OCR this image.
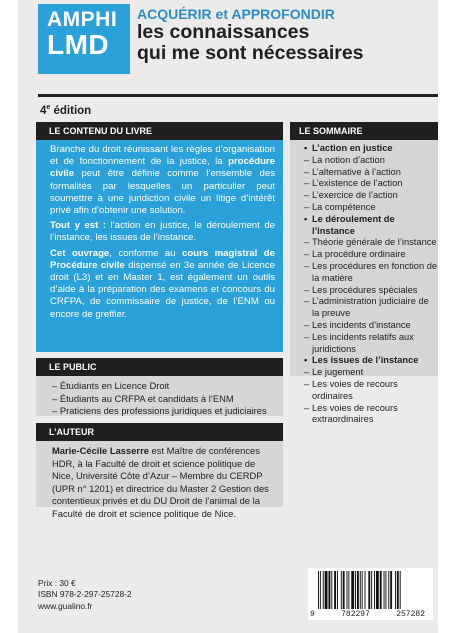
AMPHI
LMD
ACQUÉRIR et APPROFONDIR
les connaissances
qui me sont nécessaires
4e édition
LE CONTENU DU LIVRE

Branche du droit réunissant les règles d’organisation et de fonctionnement de la justice, la procédure civile peut être définie comme l’ensemble des formalités par lesquelles un particulier peut soumettre à une juridiction civile un litige d’intérêt privé afin d’obtenir une solution.

Tout y est : l’action en justice, le déroulement de l’instance, les issues de l’instance.

Cet ouvrage, conforme au cours magistral de Procédure civile dispensé en 3e année de Licence droit (L3) et en Master 1, est également un outils d’aide à la préparation des examens et concours du CRFPA, de commissaire de justice, de l’ENM ou encore de greffier.

LE PUBLIC
– Étudiants en Licence Droit
– Étudiants au CRFPA et candidats à l’ENM
– Praticiens des professions juridiques et judiciaires
L’AUTEUR
Marie-Cécile Lasserre est Maître de conférences HDR, à la Faculté de droit et science politique de Nice, Université Côte d’Azur – Membre du CERDP (UPR n° 1201) et directrice du Master 2 Gestion des contentieux privés et du DU Droit de l’animal de la Faculté de droit et science politique de Nice.
LE SOMMAIRE
• L’action en justice
– La notion d’action
– L’alternative à l’action
– L’existence de l’action
– L’exercice de l’action
– La compétence
• Le déroulement de l’instance
– Théorie générale de l’instance
– La procédure ordinaire
– Les procédures en fonction de la matière
– Les procédures spéciales
– L’administration judiciaire de la preuve
– Les incidents d’instance
– Les incidents relatifs aux juridictions
• Les issues de l’instance
– Le jugement
– Les voies de recours ordinaires
– Les voies de recours extraordinaires
Prix : 30 €
ISBN 978-2-297-25728-2
www.gualino.fr
9	782297	257282
